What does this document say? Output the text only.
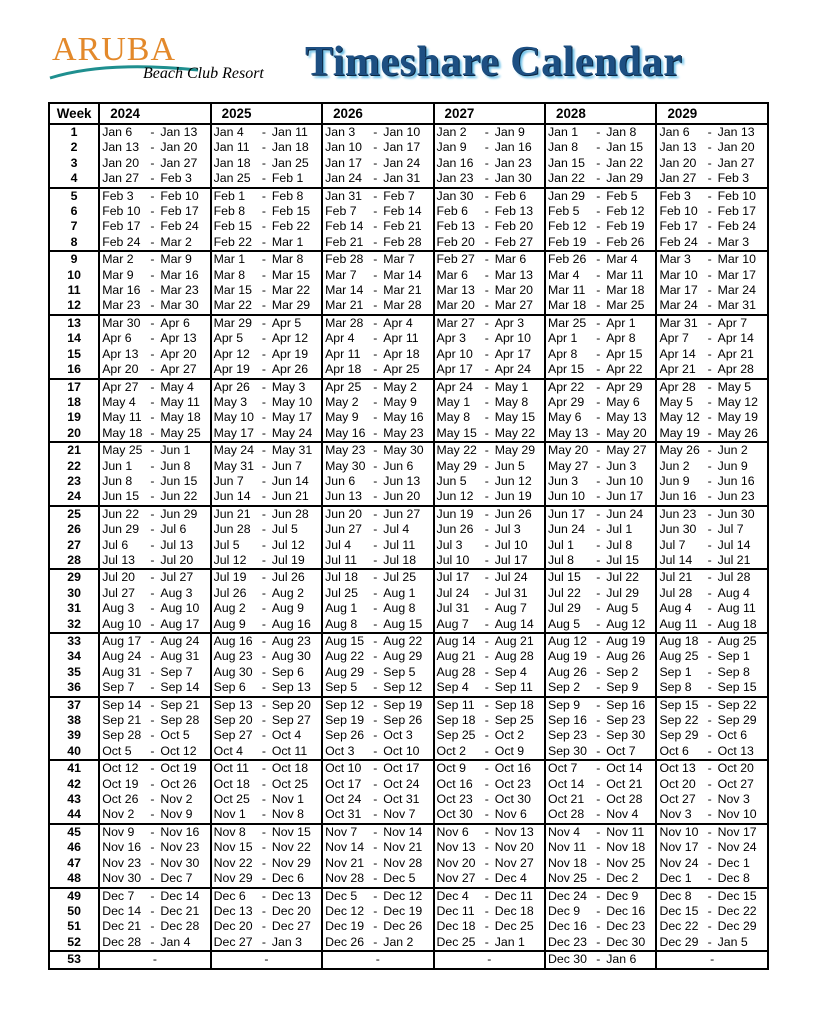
ARUBA
Beach Club Resort Timeshare Calendar
Week	2024		2025		2026		2027		2028		2029	
1	Jan 6	- Jan 13	Jan 4	- Jan 11	Jan 3	- Jan 10	Jan 2	- Jan 9	Jan 1	- Jan 8	Jan 6	- Jan 13
2	Jan 13	- Jan 20	Jan 11	- Jan 18	Jan 10	- Jan 17	Jan 9	- Jan 16	Jan 8	- Jan 15	Jan 13	- Jan 20
3	Jan 20	- Jan 27	Jan 18	- Jan 25	Jan 17	- Jan 24	Jan 16	- Jan 23	Jan 15	- Jan 22	Jan 20	- Jan 27
4	Jan 27	- Feb 3	Jan 25	- Feb 1	Jan 24	- Jan 31	Jan 23	- Jan 30	Jan 22	- Jan 29	Jan 27	- Feb 3
5	Feb 3	- Feb 10	Feb 1	- Feb 8	Jan 31	- Feb 7	Jan 30	- Feb 6	Jan 29	- Feb 5	Feb 3	- Feb 10
6	Feb 10	- Feb 17	Feb 8	- Feb 15	Feb 7	- Feb 14	Feb 6	- Feb 13	Feb 5	- Feb 12	Feb 10	- Feb 17
7	Feb 17	- Feb 24	Feb 15	- Feb 22	Feb 14	- Feb 21	Feb 13	- Feb 20	Feb 12	- Feb 19	Feb 17	- Feb 24
8	Feb 24	- Mar 2	Feb 22	- Mar 1	Feb 21	- Feb 28	Feb 20	- Feb 27	Feb 19	- Feb 26	Feb 24	- Mar 3
9	Mar 2	- Mar 9	Mar 1	- Mar 8	Feb 28	- Mar 7	Feb 27	- Mar 6	Feb 26	- Mar 4	Mar 3	- Mar 10
10	Mar 9	- Mar 16	Mar 8	- Mar 15	Mar 7	- Mar 14	Mar 6	- Mar 13	Mar 4	- Mar 11	Mar 10	- Mar 17
11	Mar 16	- Mar 23	Mar 15	- Mar 22	Mar 14	- Mar 21	Mar 13	- Mar 20	Mar 11	- Mar 18	Mar 17	- Mar 24
12	Mar 23	- Mar 30	Mar 22	- Mar 29	Mar 21	- Mar 28	Mar 20	- Mar 27	Mar 18	- Mar 25	Mar 24	- Mar 31
13	Mar 30	- Apr 6	Mar 29	- Apr 5	Mar 28	- Apr 4	Mar 27	- Apr 3	Mar 25	- Apr 1	Mar 31	- Apr 7
14	Apr 6	- Apr 13	Apr 5	- Apr 12	Apr 4	- Apr 11	Apr 3	- Apr 10	Apr 1	- Apr 8	Apr 7	- Apr 14
15	Apr 13	- Apr 20	Apr 12	- Apr 19	Apr 11	- Apr 18	Apr 10	- Apr 17	Apr 8	- Apr 15	Apr 14	- Apr 21
16	Apr 20	- Apr 27	Apr 19	- Apr 26	Apr 18	- Apr 25	Apr 17	- Apr 24	Apr 15	- Apr 22	Apr 21	- Apr 28
17	Apr 27	- May 4	Apr 26	- May 3	Apr 25	- May 2	Apr 24	- May 1	Apr 22	- Apr 29	Apr 28	- May 5
18	May 4	- May 11	May 3	- May 10	May 2	- May 9	May 1	- May 8	Apr 29	- May 6	May 5	- May 12
19	May 11	- May 18	May 10	- May 17	May 9	- May 16	May 8	- May 15	May 6	- May 13	May 12	- May 19
20	May 18	- May 25	May 17	- May 24	May 16	- May 23	May 15	- May 22	May 13	- May 20	May 19	- May 26
21	May 25	- Jun 1	May 24	- May 31	May 23	- May 30	May 22	- May 29	May 20	- May 27	May 26	- Jun 2
22	Jun 1	- Jun 8	May 31	- Jun 7	May 30	- Jun 6	May 29	- Jun 5	May 27	- Jun 3	Jun 2	- Jun 9
23	Jun 8	- Jun 15	Jun 7	- Jun 14	Jun 6	- Jun 13	Jun 5	- Jun 12	Jun 3	- Jun 10	Jun 9	- Jun 16
24	Jun 15	- Jun 22	Jun 14	- Jun 21	Jun 13	- Jun 20	Jun 12	- Jun 19	Jun 10	- Jun 17	Jun 16	- Jun 23
25	Jun 22	- Jun 29	Jun 21	- Jun 28	Jun 20	- Jun 27	Jun 19	- Jun 26	Jun 17	- Jun 24	Jun 23	- Jun 30
26	Jun 29	- Jul 6	Jun 28	- Jul 5	Jun 27	- Jul 4	Jun 26	- Jul 3	Jun 24	- Jul 1	Jun 30	- Jul 7
27	Jul 6	- Jul 13	Jul 5	- Jul 12	Jul 4	- Jul 11	Jul 3	- Jul 10	Jul 1	- Jul 8	Jul 7	- Jul 14
28	Jul 13	- Jul 20	Jul 12	- Jul 19	Jul 11	- Jul 18	Jul 10	- Jul 17	Jul 8	- Jul 15	Jul 14	- Jul 21
29	Jul 20	- Jul 27	Jul 19	- Jul 26	Jul 18	- Jul 25	Jul 17	- Jul 24	Jul 15	- Jul 22	Jul 21	- Jul 28
30	Jul 27	- Aug 3	Jul 26	- Aug 2	Jul 25	- Aug 1	Jul 24	- Jul 31	Jul 22	- Jul 29	Jul 28	- Aug 4
31	Aug 3	- Aug 10	Aug 2	- Aug 9	Aug 1	- Aug 8	Jul 31	- Aug 7	Jul 29	- Aug 5	Aug 4	- Aug 11
32	Aug 10	- Aug 17	Aug 9	- Aug 16	Aug 8	- Aug 15	Aug 7	- Aug 14	Aug 5	- Aug 12	Aug 11	- Aug 18
33	Aug 17	- Aug 24	Aug 16	- Aug 23	Aug 15	- Aug 22	Aug 14	- Aug 21	Aug 12	- Aug 19	Aug 18	- Aug 25
34	Aug 24	- Aug 31	Aug 23	- Aug 30	Aug 22	- Aug 29	Aug 21	- Aug 28	Aug 19	- Aug 26	Aug 25	- Sep 1
35	Aug 31	- Sep 7	Aug 30	- Sep 6	Aug 29	- Sep 5	Aug 28	- Sep 4	Aug 26	- Sep 2	Sep 1	- Sep 8
36	Sep 7	- Sep 14	Sep 6	- Sep 13	Sep 5	- Sep 12	Sep 4	- Sep 11	Sep 2	- Sep 9	Sep 8	- Sep 15
37	Sep 14	- Sep 21	Sep 13	- Sep 20	Sep 12	- Sep 19	Sep 11	- Sep 18	Sep 9	- Sep 16	Sep 15	- Sep 22
38	Sep 21	- Sep 28	Sep 20	- Sep 27	Sep 19	- Sep 26	Sep 18	- Sep 25	Sep 16	- Sep 23	Sep 22	- Sep 29
39	Sep 28	- Oct 5	Sep 27	- Oct 4	Sep 26	- Oct 3	Sep 25	- Oct 2	Sep 23	- Sep 30	Sep 29	- Oct 6
40	Oct 5	- Oct 12	Oct 4	- Oct 11	Oct 3	- Oct 10	Oct 2	- Oct 9	Sep 30	- Oct 7	Oct 6	- Oct 13
41	Oct 12	- Oct 19	Oct 11	- Oct 18	Oct 10	- Oct 17	Oct 9	- Oct 16	Oct 7	- Oct 14	Oct 13	- Oct 20
42	Oct 19	- Oct 26	Oct 18	- Oct 25	Oct 17	- Oct 24	Oct 16	- Oct 23	Oct 14	- Oct 21	Oct 20	- Oct 27
43	Oct 26	- Nov 2	Oct 25	- Nov 1	Oct 24	- Oct 31	Oct 23	- Oct 30	Oct 21	- Oct 28	Oct 27	- Nov 3
44	Nov 2	- Nov 9	Nov 1	- Nov 8	Oct 31	- Nov 7	Oct 30	- Nov 6	Oct 28	- Nov 4	Nov 3	- Nov 10
45	Nov 9	- Nov 16	Nov 8	- Nov 15	Nov 7	- Nov 14	Nov 6	- Nov 13	Nov 4	- Nov 11	Nov 10	- Nov 17
46	Nov 16	- Nov 23	Nov 15	- Nov 22	Nov 14	- Nov 21	Nov 13	- Nov 20	Nov 11	- Nov 18	Nov 17	- Nov 24
47	Nov 23	- Nov 30	Nov 22	- Nov 29	Nov 21	- Nov 28	Nov 20	- Nov 27	Nov 18	- Nov 25	Nov 24	- Dec 1
48	Nov 30	- Dec 7	Nov 29	- Dec 6	Nov 28	- Dec 5	Nov 27	- Dec 4	Nov 25	- Dec 2	Dec 1	- Dec 8
49	Dec 7	- Dec 14	Dec 6	- Dec 13	Dec 5	- Dec 12	Dec 4	- Dec 11	Dec 24	- Dec 9	Dec 8	- Dec 15
50	Dec 14	- Dec 21	Dec 13	- Dec 20	Dec 12	- Dec 19	Dec 11	- Dec 18	Dec 9	- Dec 16	Dec 15	- Dec 22
51	Dec 21	- Dec 28	Dec 20	- Dec 27	Dec 19	- Dec 26	Dec 18	- Dec 25	Dec 16	- Dec 23	Dec 22	- Dec 29
52	Dec 28	- Jan 4	Dec 27	- Jan 3	Dec 26	- Jan 2	Dec 25	- Jan 1	Dec 23	- Dec 30	Dec 29	- Jan 5
53	-		-		-		-		Dec 30	- Jan 6	-	
